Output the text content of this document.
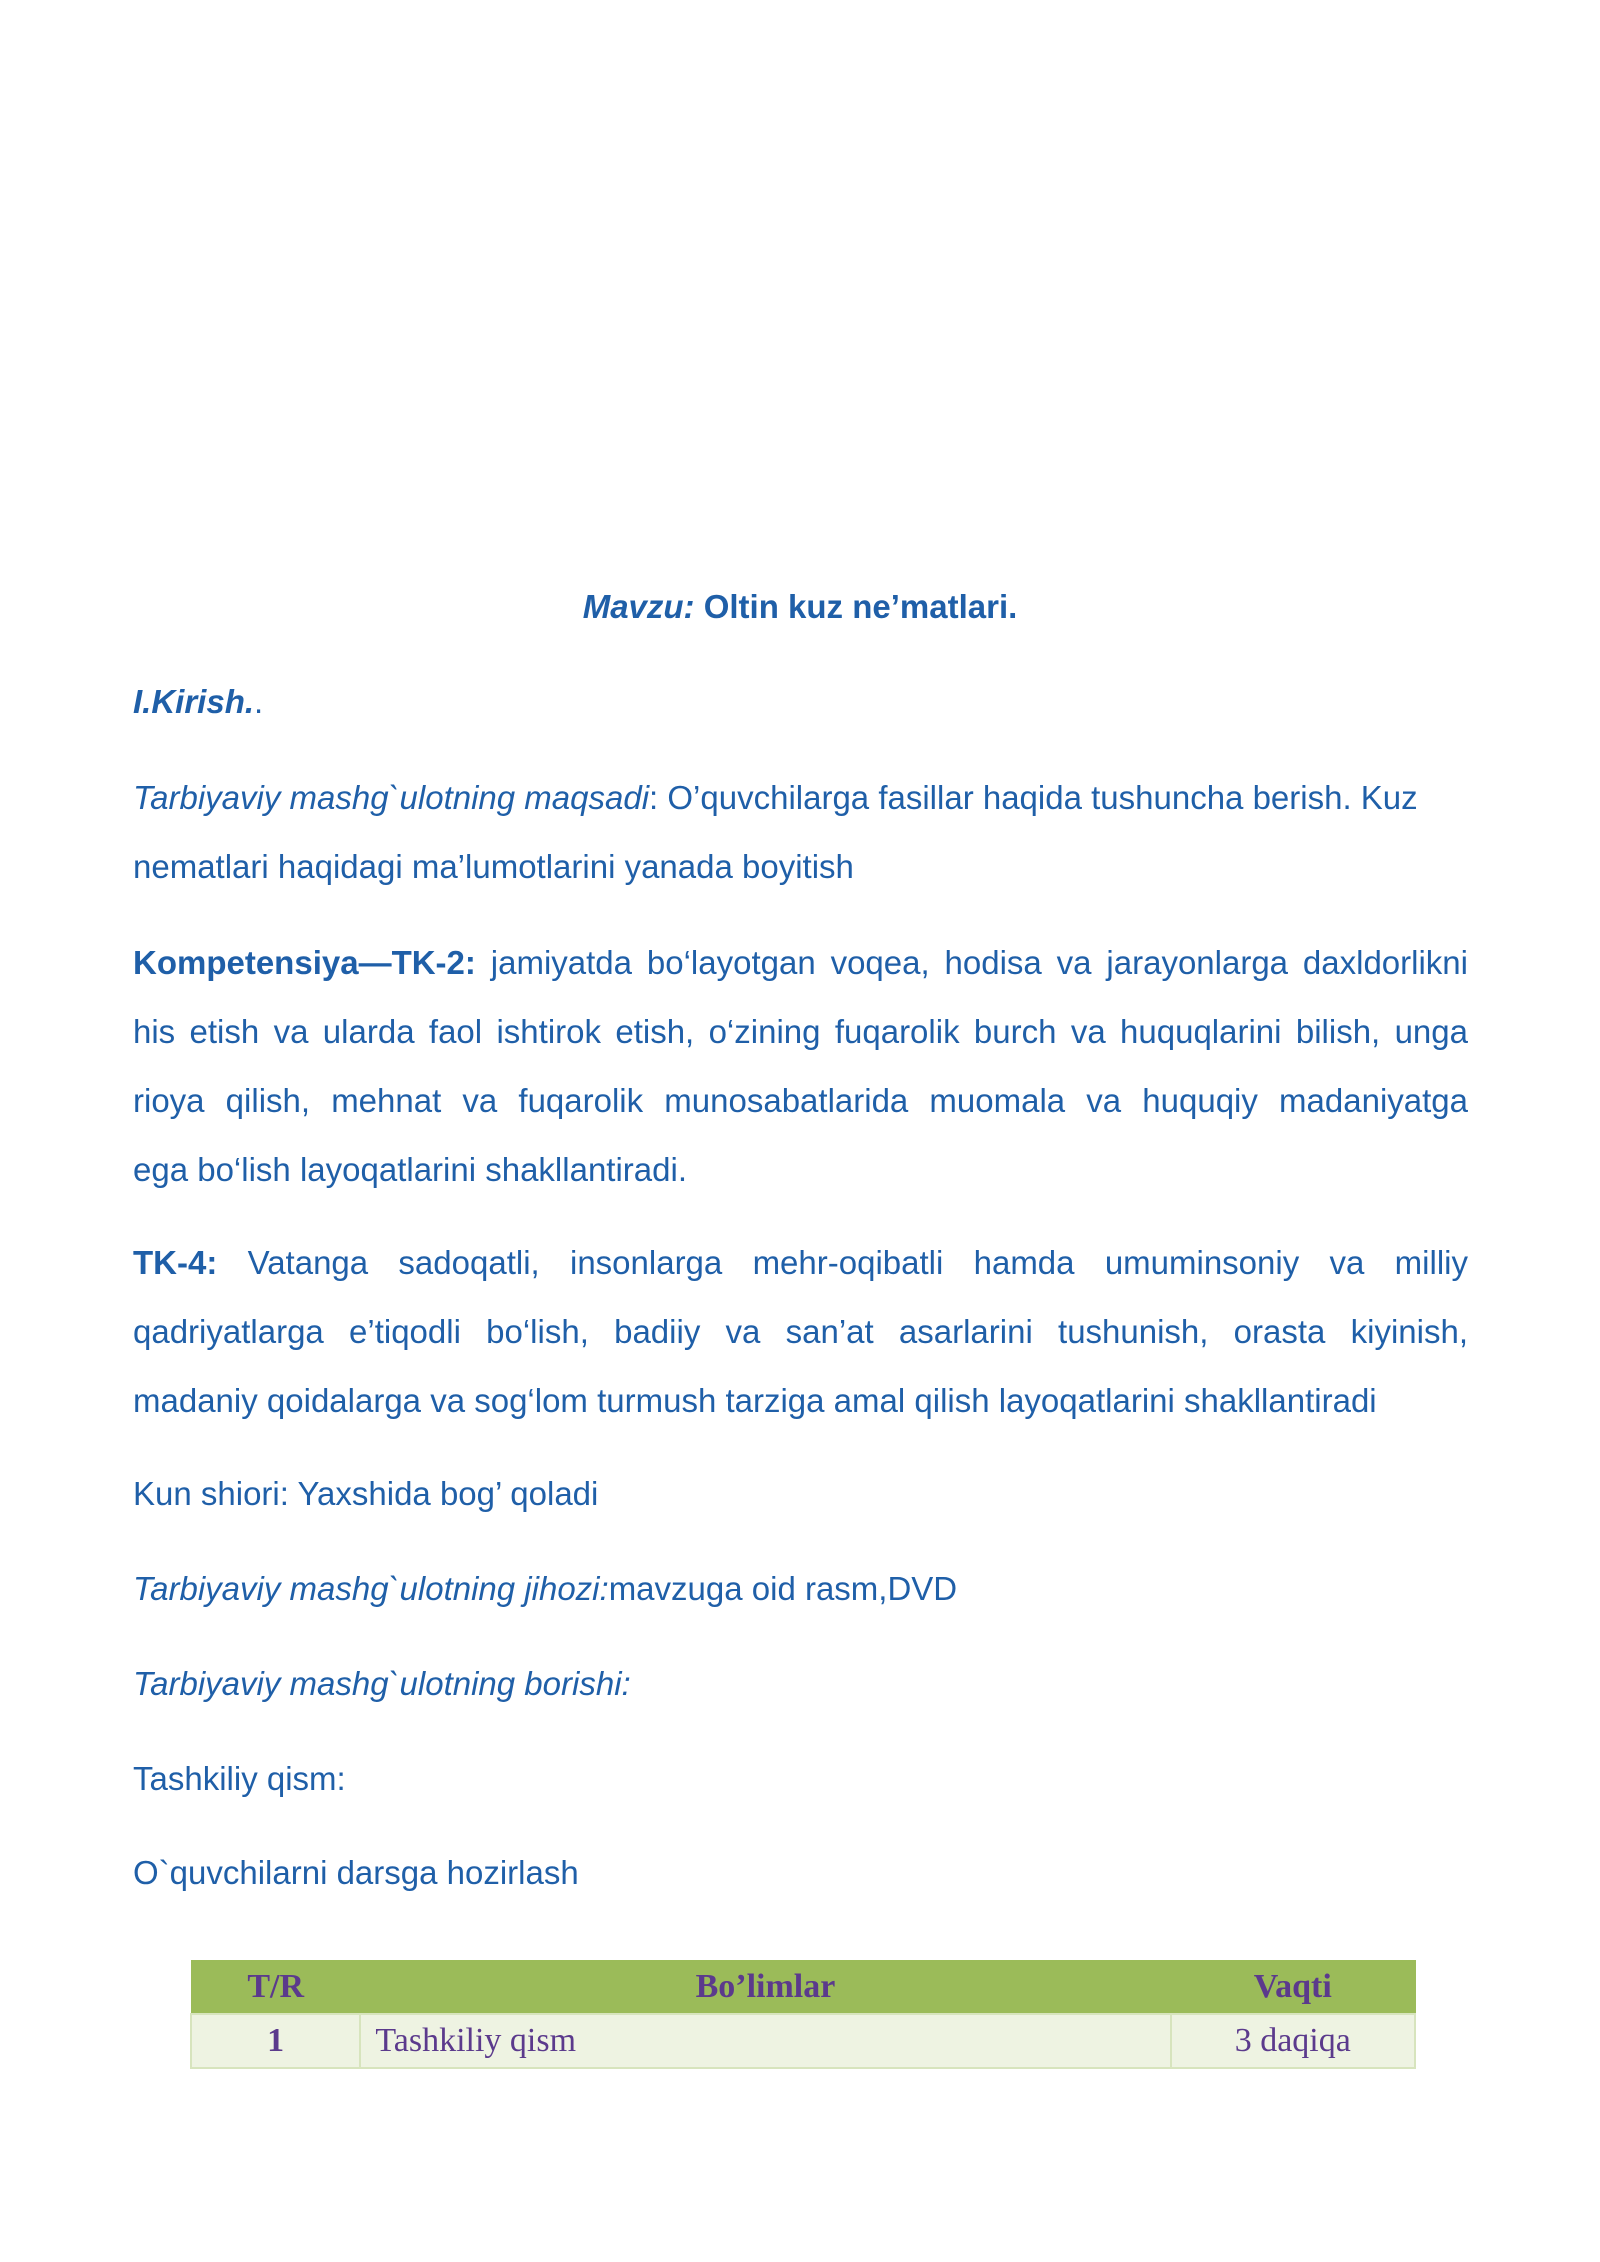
Mavzu: Oltin kuz ne’matlari.
I.Kirish..
Tarbiyaviy mashg`ulotning maqsadi: O’quvchilarga fasillar haqida tushuncha berish. Kuz
nematlari haqidagi ma’lumotlarini yanada boyitish
Kompetensiya—TK-2: jamiyatda bo‘layotgan voqea, hodisa va jarayonlarga daxldorlikni
his etish va ularda faol ishtirok etish, o‘zining fuqarolik burch va huquqlarini bilish, unga
rioya qilish, mehnat va fuqarolik munosabatlarida muomala va huquqiy madaniyatga
ega bo‘lish layoqatlarini shakllantiradi.
TK-4: Vatanga sadoqatli, insonlarga mehr-oqibatli hamda umuminsoniy va milliy
qadriyatlarga e’tiqodli bo‘lish, badiiy va san’at asarlarini tushunish, orasta kiyinish,
madaniy qoidalarga va sog‘lom turmush tarziga amal qilish layoqatlarini shakllantiradi
Kun shiori: Yaxshida bog’ qoladi
Tarbiyaviy mashg`ulotning jihozi:mavzuga oid rasm,DVD
Tarbiyaviy mashg`ulotning borishi:
Tashkiliy qism:
O`quvchilarni darsga hozirlash
T/R	Bo’limlar	Vaqti
1	Tashkiliy qism	3 daqiqa
